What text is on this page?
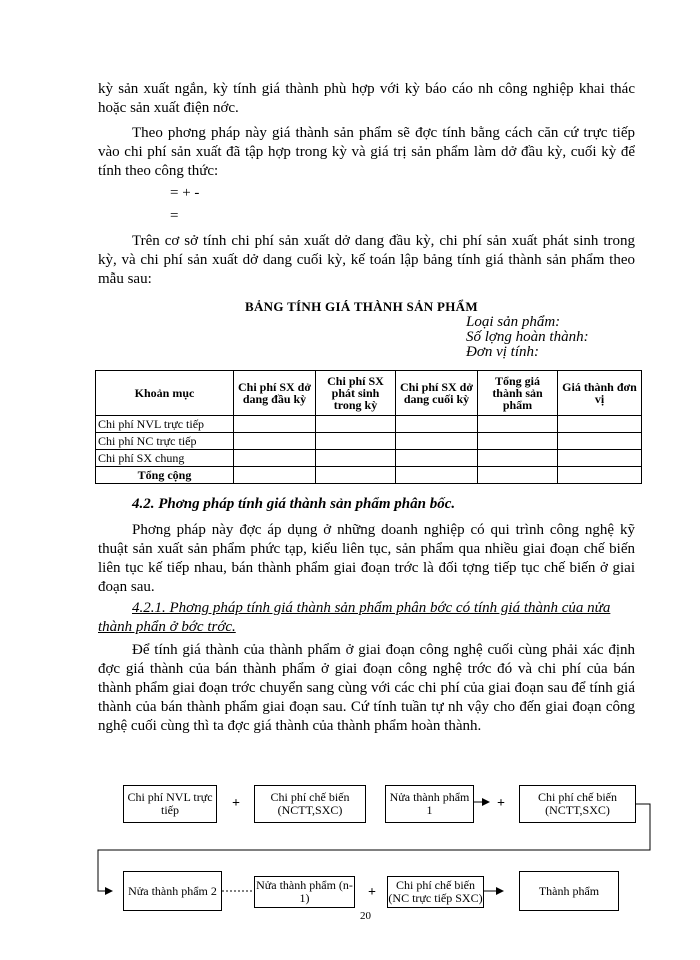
kỳ sản xuất ngắn, kỳ tính giá thành phù hợp với kỳ báo cáo nh công nghiệp khai thác hoặc sản xuất điện nớc.

Theo phơng pháp này giá thành sản phẩm sẽ đợc tính bằng cách căn cứ trực tiếp vào chi phí sản xuất đã tập hợp trong kỳ và giá trị sản phẩm làm dở đầu kỳ, cuối kỳ để tính theo công thức:

= + -
=

Trên cơ sở tính chi phí sản xuất dở dang đầu kỳ, chi phí sản xuất phát sinh trong kỳ, và chi phí sản xuất dở dang cuối kỳ, kế toán lập bảng tính giá thành sản phẩm theo mẫu sau:

BẢNG TÍNH GIÁ THÀNH SẢN PHẨM
Loại sản phẩm:
Số lợng hoàn thành:
Đơn vị tính:
Khoản mục	Chi phí SX dở dang đầu kỳ	Chi phí SX phát sinh trong kỳ	Chi phí SX dở dang cuối kỳ	Tổng giá thành sản phẩm	Giá thành đơn vị
Chi phí NVL trực tiếp					
Chi phí NC trực tiếp					
Chi phí SX chung					
Tổng cộng					
4.2. Phơng pháp tính giá thành sản phẩm phân bốc.

Phơng pháp này đợc áp dụng ở những doanh nghiệp có qui trình công nghệ kỹ thuật sản xuất sản phẩm phức tạp, kiểu liên tục, sản phẩm qua nhiều giai đoạn chế biến liên tục kế tiếp nhau, bán thành phẩm giai đoạn trớc là đối tợng tiếp tục chế biến ở giai đoạn sau.

4.2.1. Phơng pháp tính giá thành sản phẩm phân bớc có tính giá thành của nửa thành phẩn ở bớc trớc.

Để tính giá thành của thành phẩm ở giai đoạn công nghệ cuối cùng phải xác định đợc giá thành của bán thành phẩm ở giai đoạn công nghệ trớc đó và chi phí của bán thành phẩm giai đoạn trớc chuyển sang cùng với các chi phí của giai đoạn sau để tính giá thành của bán thành phẩm giai đoạn sau. Cứ tính tuần tự nh vậy cho đến giai đoạn công nghệ cuối cùng thì ta đợc giá thành của thành phẩm hoàn thành.

Chi phí NVL trực tiếp	+	Chi phí chế biến (NCTT,SXC)
Nửa thành phẩm 1	+	Chi phí chế biến (NCTT,SXC)
Nửa thành phẩm 2	Nửa thành phẩm (n-1)	+	Chi phí chế biến (NC trực tiếp SXC)
Thành phẩm
20
